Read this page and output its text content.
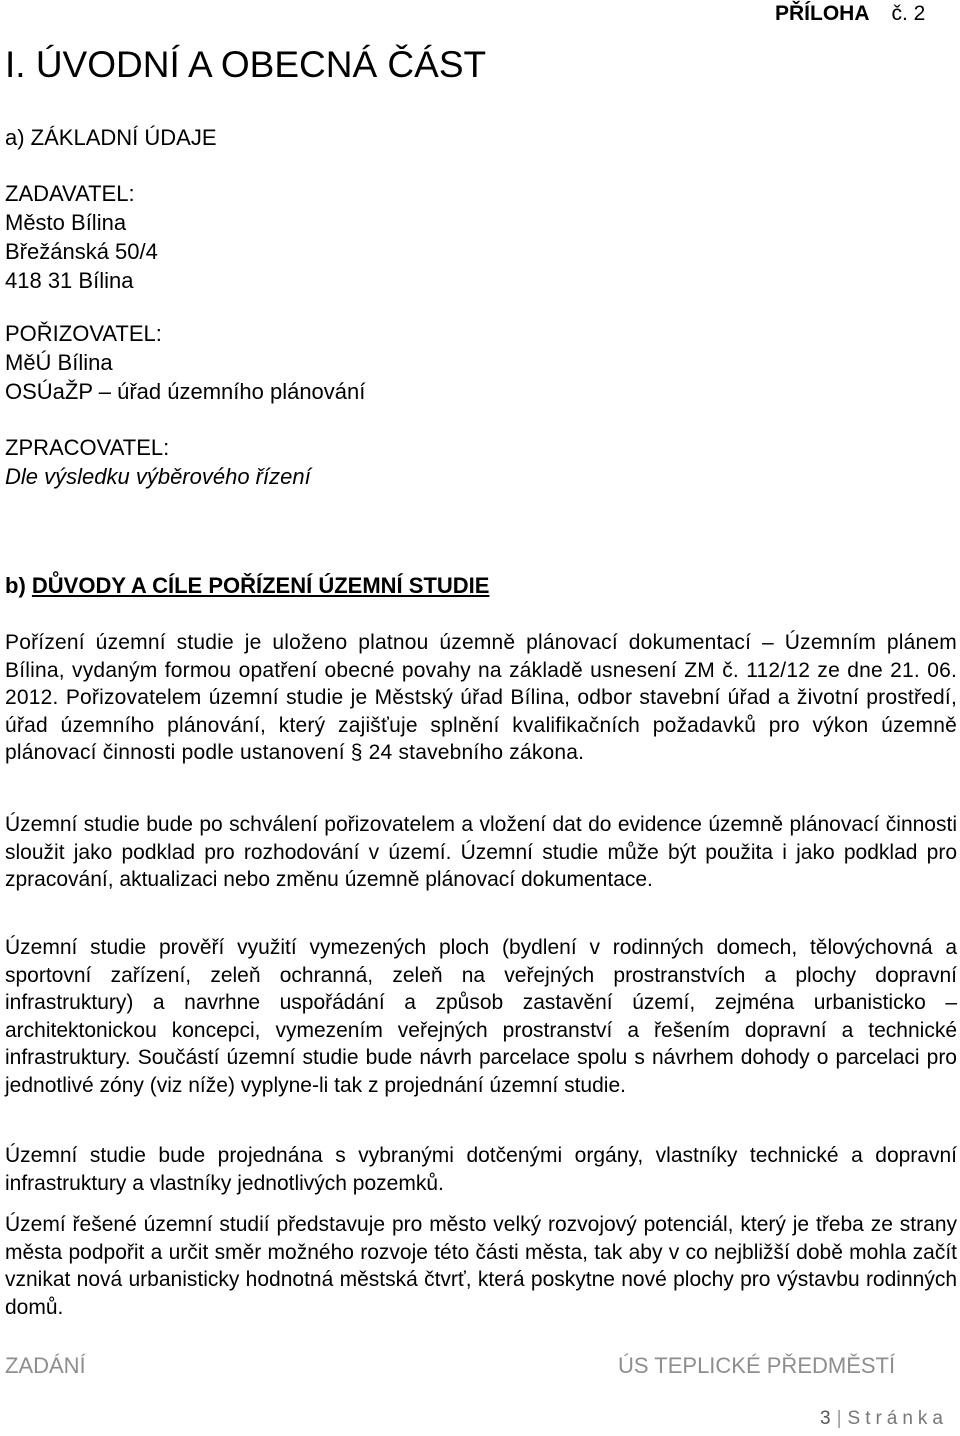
PŘÍLOHA č. 2
I. ÚVODNÍ A OBECNÁ ČÁST
a) ZÁKLADNÍ ÚDAJE
ZADAVATEL:
Město Bílina
Břežánská 50/4
418 31 Bílina
POŘIZOVATEL:
MěÚ Bílina
OSÚaŽP – úřad územního plánování
ZPRACOVATEL:
Dle výsledku výběrového řízení
b) DŮVODY A CÍLE POŘÍZENÍ ÚZEMNÍ STUDIE
Pořízení územní studie je uloženo platnou územně plánovací dokumentací – Územním plánem Bílina, vydaným formou opatření obecné povahy na základě usnesení ZM č. 112/12 ze dne 21. 06. 2012. Pořizovatelem územní studie je Městský úřad Bílina, odbor stavební úřad a životní prostředí, úřad územního plánování, který zajišťuje splnění kvalifikačních požadavků pro výkon územně plánovací činnosti podle ustanovení § 24 stavebního zákona.
Územní studie bude po schválení pořizovatelem a vložení dat do evidence územně plánovací činnosti sloužit jako podklad pro rozhodování v území. Územní studie může být použita i jako podklad pro zpracování, aktualizaci nebo změnu územně plánovací dokumentace.
Územní studie prověří využití vymezených ploch (bydlení v rodinných domech, tělovýchovná a sportovní zařízení, zeleň ochranná, zeleň na veřejných prostranstvích a plochy dopravní infrastruktury) a navrhne uspořádání a způsob zastavění území, zejména urbanisticko – architektonickou koncepci, vymezením veřejných prostranství a řešením dopravní a technické infrastruktury. Součástí územní studie bude návrh parcelace spolu s návrhem dohody o parcelaci pro jednotlivé zóny (viz níže) vyplyne-li tak z projednání územní studie.
Územní studie bude projednána s vybranými dotčenými orgány, vlastníky technické a dopravní infrastruktury a vlastníky jednotlivých pozemků.
Území řešené územní studií představuje pro město velký rozvojový potenciál, který je třeba ze strany města podpořit a určit směr možného rozvoje této části města, tak aby v co nejbližší době mohla začít vznikat nová urbanisticky hodnotná městská čtvrť, která poskytne nové plochy pro výstavbu rodinných domů.
ZADÁNÍ	ÚS TEPLICKÉ PŘEDMĚSTÍ
3 | Stránka
